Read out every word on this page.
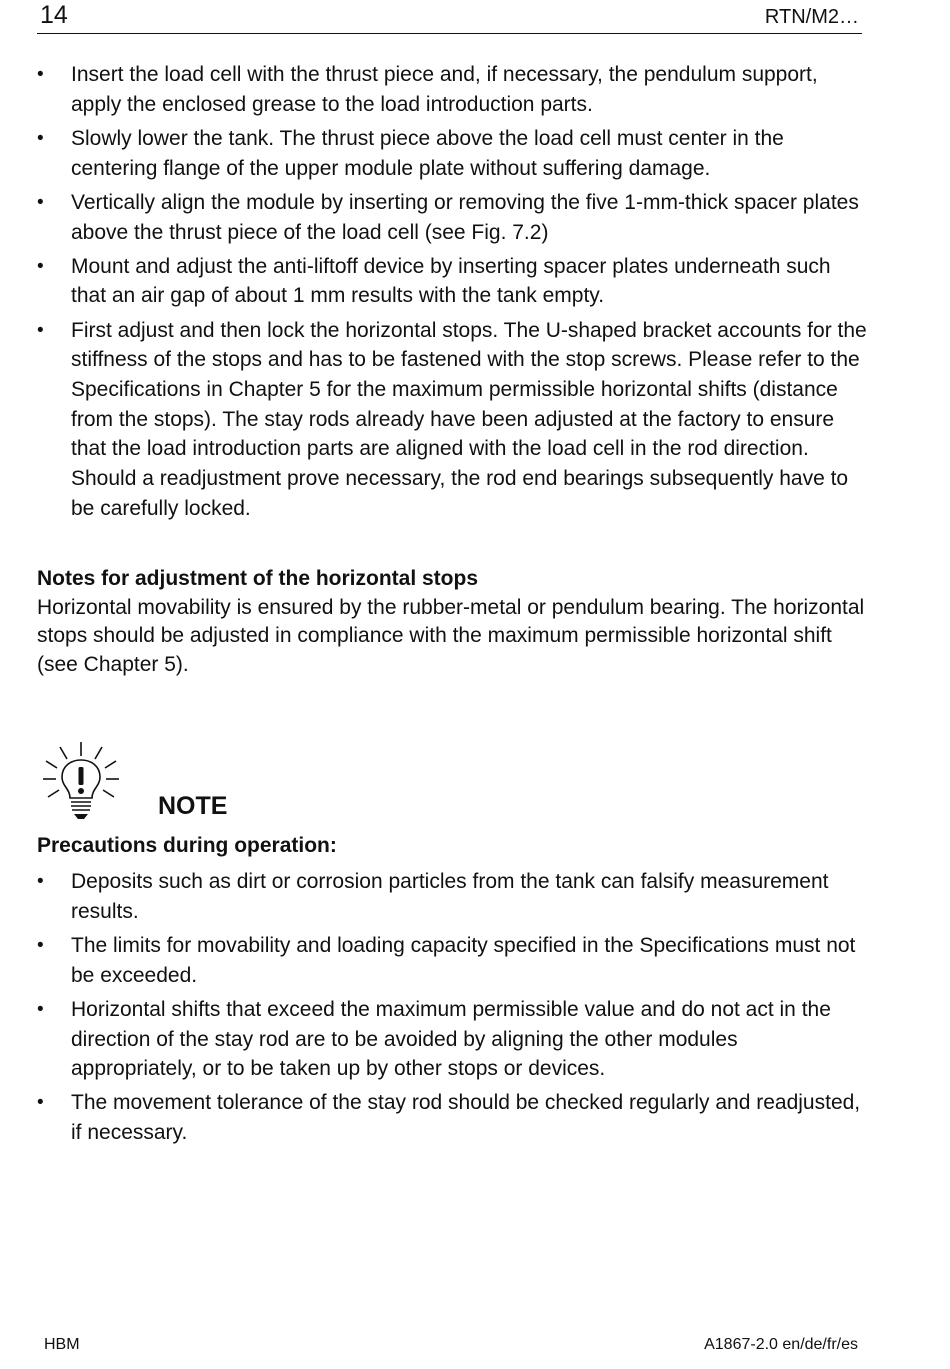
14	RTN/M2…
• Insert the load cell with the thrust piece and, if necessary, the pendulum support, apply the enclosed grease to the load introduction parts.
• Slowly lower the tank. The thrust piece above the load cell must center in the centering flange of the upper module plate without suffering damage.
• Vertically align the module by inserting or removing the five 1-mm-thick spacer plates above the thrust piece of the load cell (see Fig. 7.2)
• Mount and adjust the anti-liftoff device by inserting spacer plates underneath such that an air gap of about 1 mm results with the tank empty.
• First adjust and then lock the horizontal stops. The U-shaped bracket accounts for the stiffness of the stops and has to be fastened with the stop screws. Please refer to the Specifications in Chapter 5 for the maximum permissible horizontal shifts (distance from the stops). The stay rods already have been adjusted at the factory to ensure that the load introduction parts are aligned with the load cell in the rod direction. Should a readjustment prove necessary, the rod end bearings subsequently have to be carefully locked.
Notes for adjustment of the horizontal stops
Horizontal movability is ensured by the rubber-metal or pendulum bearing. The horizontal stops should be adjusted in compliance with the maximum permissible horizontal shift (see Chapter 5).
NOTE
Precautions during operation:
• Deposits such as dirt or corrosion particles from the tank can falsify measurement results.
• The limits for movability and loading capacity specified in the Specifications must not be exceeded.
• Horizontal shifts that exceed the maximum permissible value and do not act in the direction of the stay rod are to be avoided by aligning the other modules appropriately, or to be taken up by other stops or devices.
• The movement tolerance of the stay rod should be checked regularly and readjusted, if necessary.
HBM	A1867-2.0 en/de/fr/es
